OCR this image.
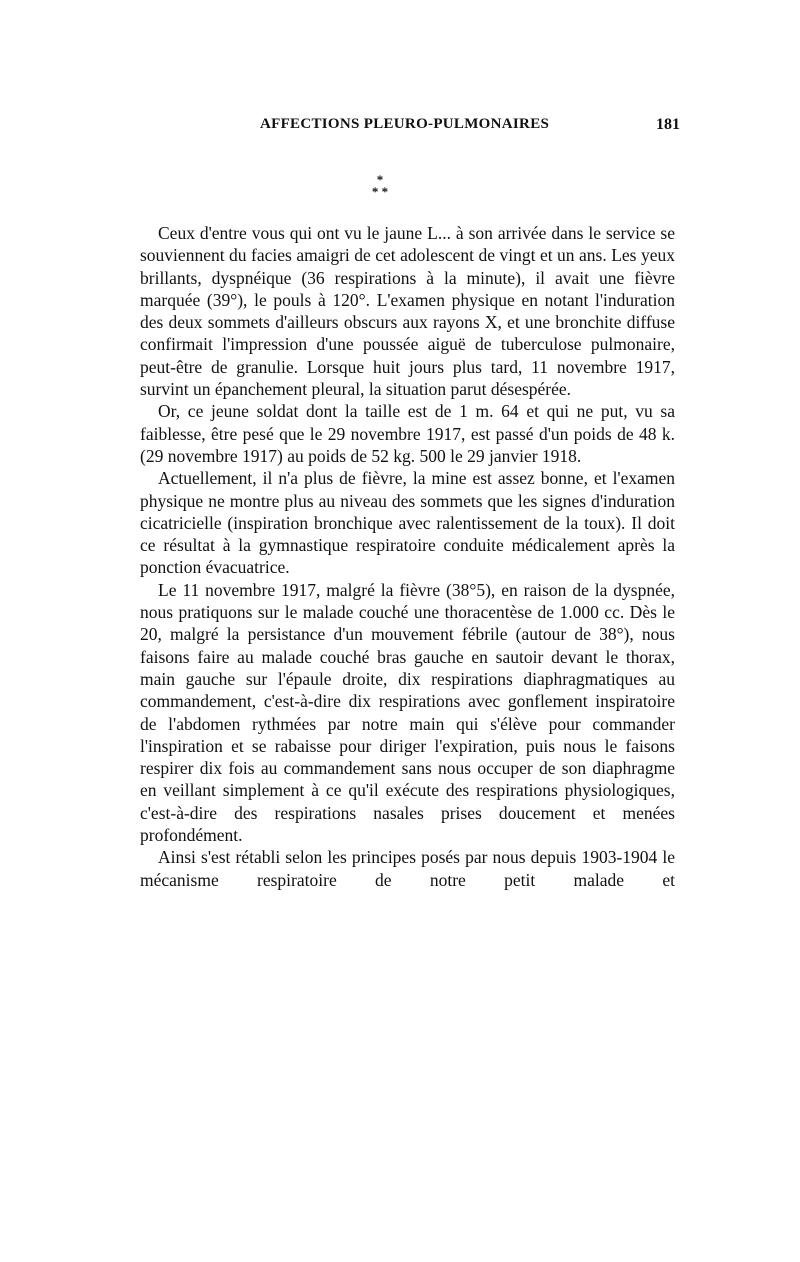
AFFECTIONS PLEURO-PULMONAIRES	181
*
* *

Ceux d'entre vous qui ont vu le jaune L... à son arrivée dans le service se souviennent du facies amaigri de cet adolescent de vingt et un ans. Les yeux brillants, dyspnéique (36 respirations à la minute), il avait une fièvre marquée (39°), le pouls à 120°. L'examen physique en notant l'induration des deux sommets d'ailleurs obscurs aux rayons X, et une bronchite diffuse confirmait l'impression d'une poussée aiguë de tuberculose pulmonaire, peut-être de granulie. Lorsque huit jours plus tard, 11 novembre 1917, survint un épanchement pleural, la situation parut désespérée.

Or, ce jeune soldat dont la taille est de 1 m. 64 et qui ne put, vu sa faiblesse, être pesé que le 29 novembre 1917, est passé d'un poids de 48 k. (29 novembre 1917) au poids de 52 kg. 500 le 29 janvier 1918.

Actuellement, il n'a plus de fièvre, la mine est assez bonne, et l'examen physique ne montre plus au niveau des sommets que les signes d'induration cicatricielle (inspiration bronchique avec ralentissement de la toux). Il doit ce résultat à la gymnastique respiratoire conduite médicalement après la ponction évacuatrice.

Le 11 novembre 1917, malgré la fièvre (38°5), en raison de la dyspnée, nous pratiquons sur le malade couché une thoracentèse de 1.000 cc. Dès le 20, malgré la persistance d'un mouvement fébrile (autour de 38°), nous faisons faire au malade couché bras gauche en sautoir devant le thorax, main gauche sur l'épaule droite, dix respirations diaphragmatiques au commandement, c'est-à-dire dix respirations avec gonflement inspiratoire de l'abdomen rythmées par notre main qui s'élève pour commander l'inspiration et se rabaisse pour diriger l'expiration, puis nous le faisons respirer dix fois au commandement sans nous occuper de son diaphragme en veillant simplement à ce qu'il exécute des respirations physiologiques, c'est-à-dire des respirations nasales prises doucement et menées profondément.

Ainsi s'est rétabli selon les principes posés par nous depuis 1903-1904 le mécanisme respiratoire de notre petit malade et
